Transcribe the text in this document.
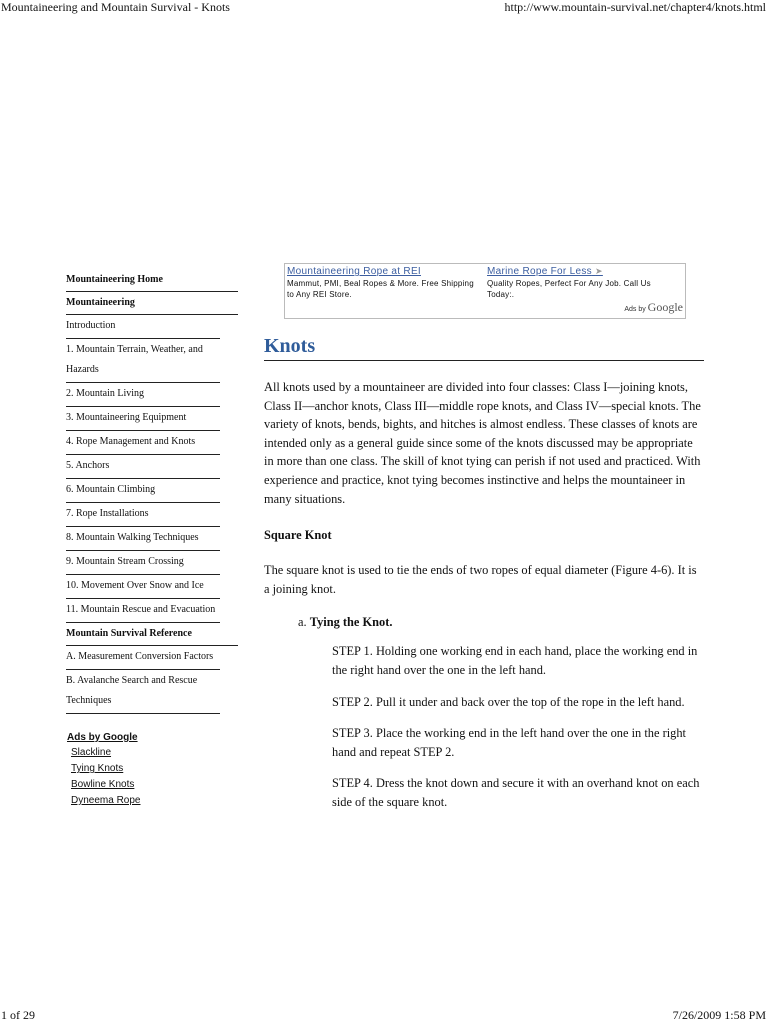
Mountaineering and Mountain Survival - Knots	http://www.mountain-survival.net/chapter4/knots.html
Mountaineering Home
Mountaineering
Introduction
1. Mountain Terrain, Weather, and Hazards
2. Mountain Living
3. Mountaineering Equipment
4. Rope Management and Knots
5. Anchors
6. Mountain Climbing
7. Rope Installations
8. Mountain Walking Techniques
9. Mountain Stream Crossing
10. Movement Over Snow and Ice
11. Mountain Rescue and Evacuation
Mountain Survival Reference
A. Measurement Conversion Factors
B. Avalanche Search and Rescue Techniques
Ads by Google
Slackline
Tying Knots
Bowline Knots
Dyneema Rope
Mountaineering Rope at REI
Mammut, PMI, Beal Ropes & More. Free Shipping to Any REI Store.
Marine Rope For Less ➤
Quality Ropes, Perfect For Any Job. Call Us Today:.
Ads by Google
Knots

All knots used by a mountaineer are divided into four classes: Class I—joining knots, Class II—anchor knots, Class III—middle rope knots, and Class IV—special knots. The variety of knots, bends, bights, and hitches is almost endless. These classes of knots are intended only as a general guide since some of the knots discussed may be appropriate in more than one class. The skill of knot tying can perish if not used and practiced. With experience and practice, knot tying becomes instinctive and helps the mountaineer in many situations.

Square Knot

The square knot is used to tie the ends of two ropes of equal diameter (Figure 4-6). It is a joining knot.

a. Tying the Knot.

STEP 1. Holding one working end in each hand, place the working end in the right hand over the one in the left hand.

STEP 2. Pull it under and back over the top of the rope in the left hand.

STEP 3. Place the working end in the left hand over the one in the right hand and repeat STEP 2.

STEP 4. Dress the knot down and secure it with an overhand knot on each side of the square knot.

1 of 29	7/26/2009 1:58 PM
